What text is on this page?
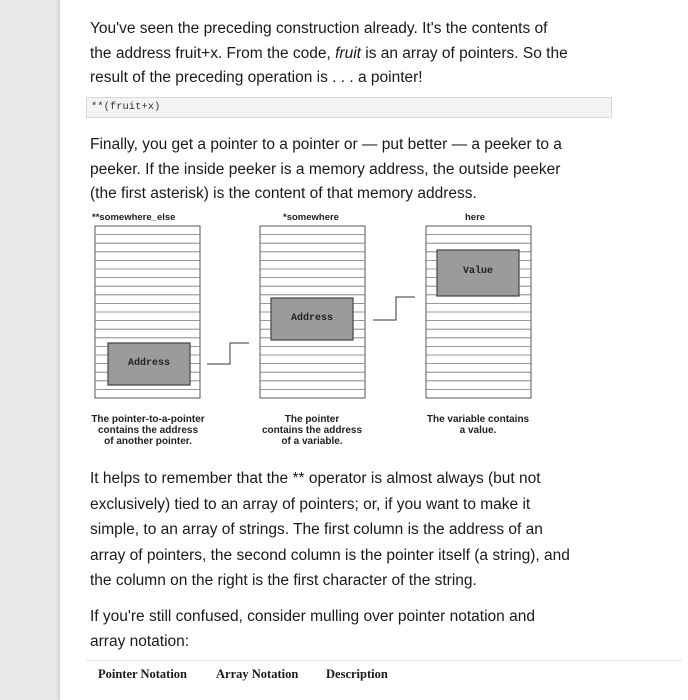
You've seen the preceding construction already. It's the contents of
the address fruit+x. From the code, fruit is an array of pointers. So the
result of the preceding operation is . . . a pointer!
**(fruit+x)
Finally, you get a pointer to a pointer or — put better — a peeker to a
peeker. If the inside peeker is a memory address, the outside peeker
(the first asterisk) is the content of that memory address.
**somewhere_else	*somewhere	here
Address
Address
Value
The pointer-to-a-pointer
contains the address
of another pointer.
The pointer
contains the address
of a variable.
The variable contains
a value.
It helps to remember that the ** operator is almost always (but not
exclusively) tied to an array of pointers; or, if you want to make it
simple, to an array of strings. The first column is the address of an
array of pointers, the second column is the pointer itself (a string), and
the column on the right is the first character of the string.
If you're still confused, consider mulling over pointer notation and
array notation:
Pointer Notation Array Notation Description
